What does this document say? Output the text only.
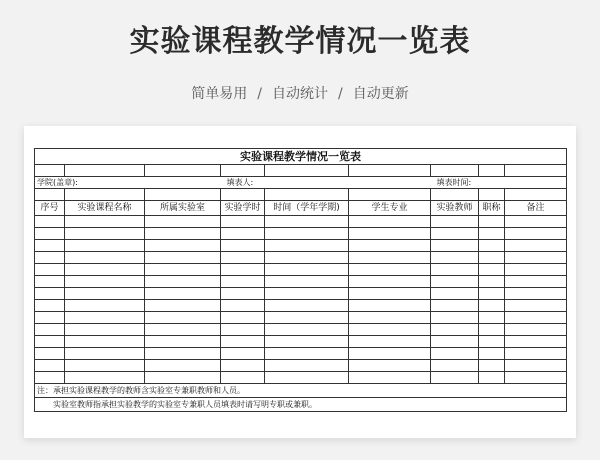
实验课程教学情况一览表
简单易用 / 自动统计 / 自动更新
实验课程教学情况一览表								

学院(盖章):			填表人:			填表时间:		

序号	实验课程名称	所属实验室	实验学时	时间（学年学期)	学生专业	实验教师	职称	备注

注：承担实验课程教学的教师含实验室专兼职教师和人员。								
实验室教师指承担实验教学的实验室专兼职人员填表时请写明专职或兼职。								
